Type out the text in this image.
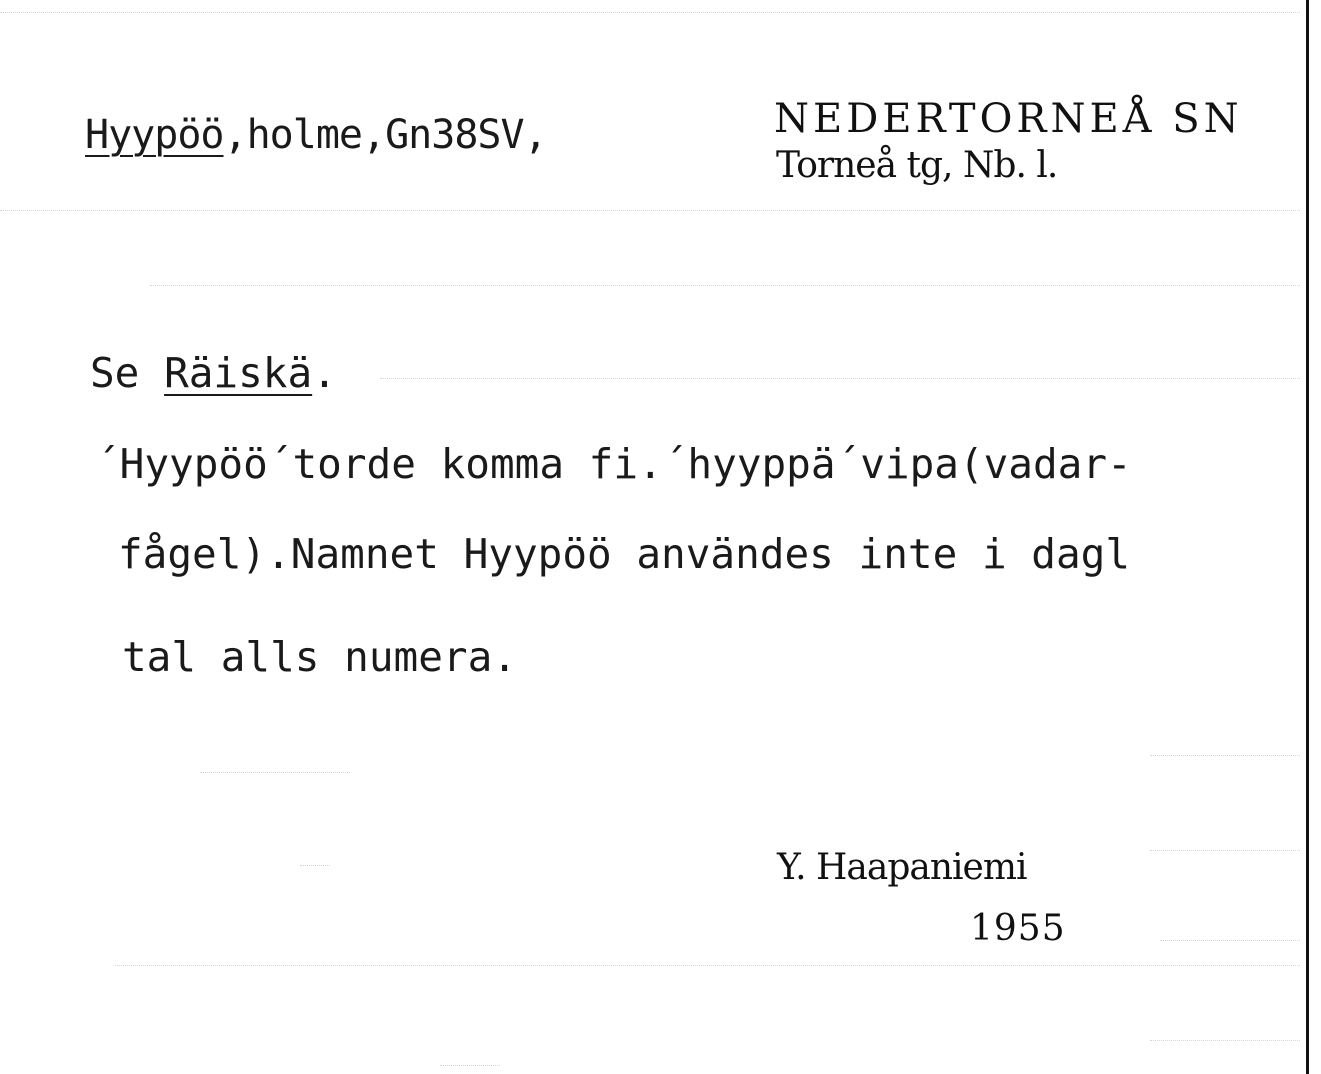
Hyypöö,holme,Gn38SV,	NEDERTORNEÅ SN
Torneå tg, Nb. l.
Se Räiskä.
´Hyypöö´torde komma fi.´hyyppä´vipa(vadar-
fågel).Namnet Hyypöö användes inte i dagl
tal alls numera.
Y. Haapaniemi
1955
